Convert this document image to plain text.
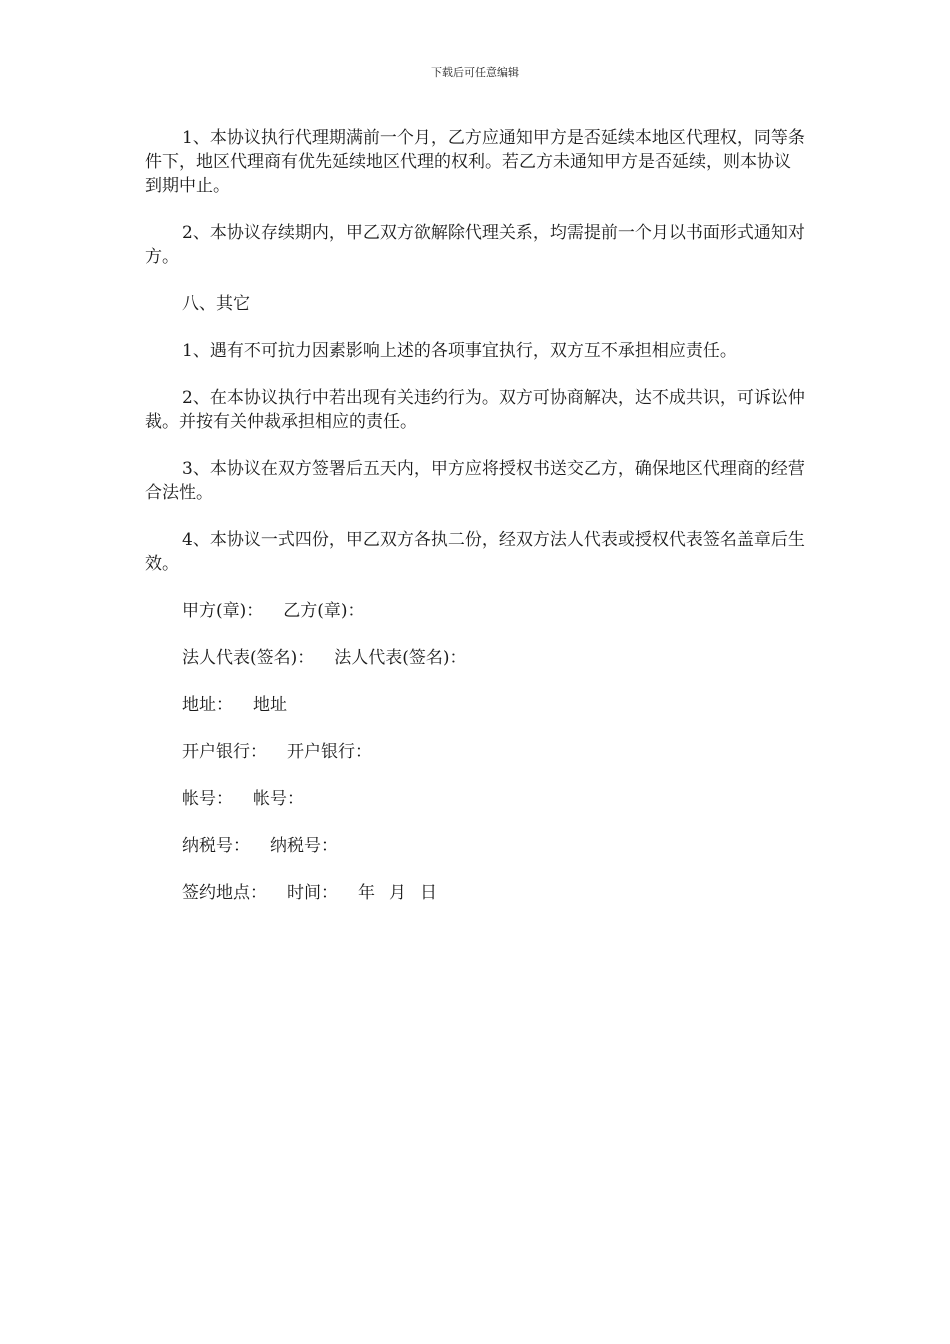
下载后可任意编辑

1、本协议执行代理期满前一个月，乙方应通知甲方是否延续本地区代理权，同等条件下，地区代理商有优先延续地区代理的权利。若乙方未通知甲方是否延续，则本协议到期中止。

2、本协议存续期内，甲乙双方欲解除代理关系，均需提前一个月以书面形式通知对方。

八、其它

1、遇有不可抗力因素影响上述的各项事宜执行，双方互不承担相应责任。

2、在本协议执行中若出现有关违约行为。双方可协商解决，达不成共识，可诉讼仲裁。并按有关仲裁承担相应的责任。

3、本协议在双方签署后五天内，甲方应将授权书送交乙方，确保地区代理商的经营合法性。

4、本协议一式四份，甲乙双方各执二份，经双方法人代表或授权代表签名盖章后生效。

甲方(章)： 乙方(章)：
法人代表(签名)： 法人代表(签名)：
地址： 地址
开户银行： 开户银行：
帐号： 帐号：
纳税号： 纳税号：
签约地点： 时间： 年 月 日
